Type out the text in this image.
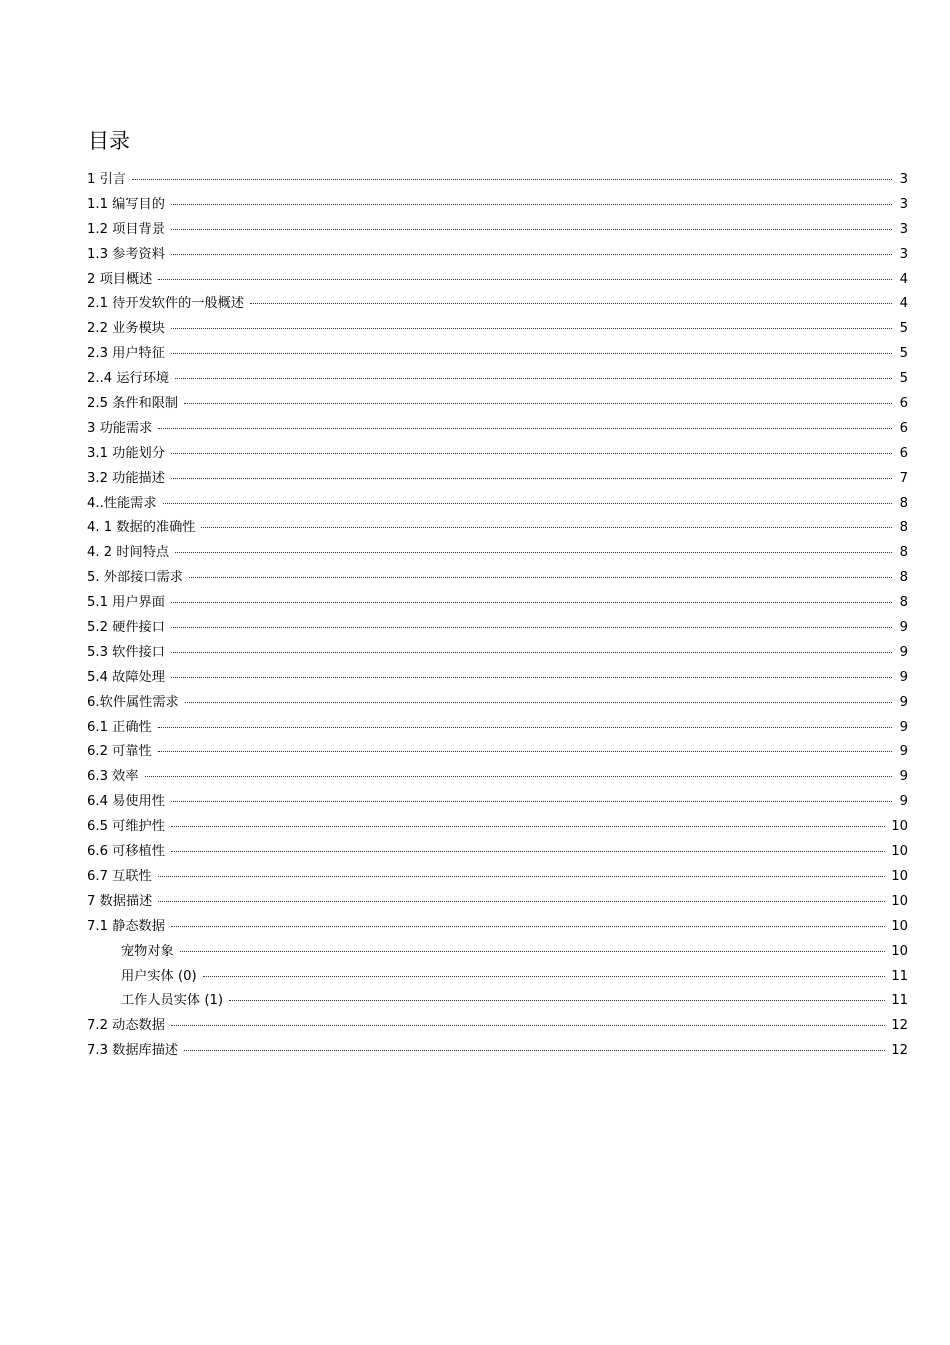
目录
1 引言	3
1.1 编写目的	3
1.2 项目背景	3
1.3 参考资料	3
2 项目概述	4
2.1 待开发软件的一般概述	4
2.2 业务模块	5
2.3 用户特征	5
2..4 运行环境	5
2.5 条件和限制	6
3 功能需求	6
3.1 功能划分	6
3.2 功能描述	7
4..性能需求	8
4. 1 数据的准确性	8
4. 2 时间特点	8
5. 外部接口需求	8
5.1 用户界面	8
5.2 硬件接口	9
5.3 软件接口	9
5.4 故障处理	9
6.软件属性需求	9
6.1 正确性	9
6.2 可靠性	9
6.3 效率	9
6.4 易使用性	9
6.5 可维护性	10
6.6 可移植性	10
6.7 互联性	10
7 数据描述	10
7.1 静态数据	10
宠物对象	10
用户实体 (0)	11
工作人员实体 (1)	11
7.2 动态数据	12
7.3 数据库描述	12
